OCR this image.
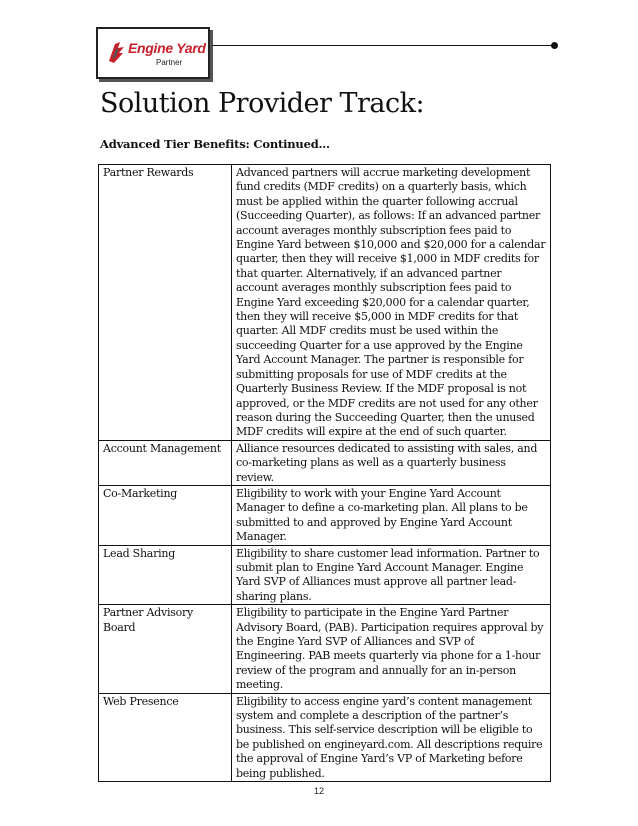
Engine Yard
Partner
Solution Provider Track:
Advanced Tier Benefits: Continued…
Partner Rewards	Advanced partners will accrue marketing development fund credits (MDF credits) on a quarterly basis, which must be applied within the quarter following accrual (Succeeding Quarter), as follows: If an advanced partner account averages monthly subscription fees paid to Engine Yard between $10,000 and $20,000 for a calendar quarter, then they will receive $1,000 in MDF credits for that quarter. Alternatively, if an advanced partner account averages monthly subscription fees paid to Engine Yard exceeding $20,000 for a calendar quarter, then they will receive $5,000 in MDF credits for that quarter. All MDF credits must be used within the succeeding Quarter for a use approved by the Engine Yard Account Manager. The partner is responsible for submitting proposals for use of MDF credits at the Quarterly Business Review. If the MDF proposal is not approved, or the MDF credits are not used for any other reason during the Succeeding Quarter, then the unused MDF credits will expire at the end of such quarter.
Account Management	Alliance resources dedicated to assisting with sales, and co-marketing plans as well as a quarterly business review.
Co-Marketing	Eligibility to work with your Engine Yard Account Manager to define a co-marketing plan. All plans to be submitted to and approved by Engine Yard Account Manager.
Lead Sharing	Eligibility to share customer lead information. Partner to submit plan to Engine Yard Account Manager. Engine Yard SVP of Alliances must approve all partner lead-sharing plans.
Partner Advisory Board	Eligibility to participate in the Engine Yard Partner Advisory Board, (PAB). Participation requires approval by the Engine Yard SVP of Alliances and SVP of Engineering. PAB meets quarterly via phone for a 1-hour review of the program and annually for an in-person meeting.
Web Presence	Eligibility to access engine yard’s content management system and complete a description of the partner’s business. This self-service description will be eligible to be published on engineyard.com. All descriptions require the approval of Engine Yard’s VP of Marketing before being published.
12
